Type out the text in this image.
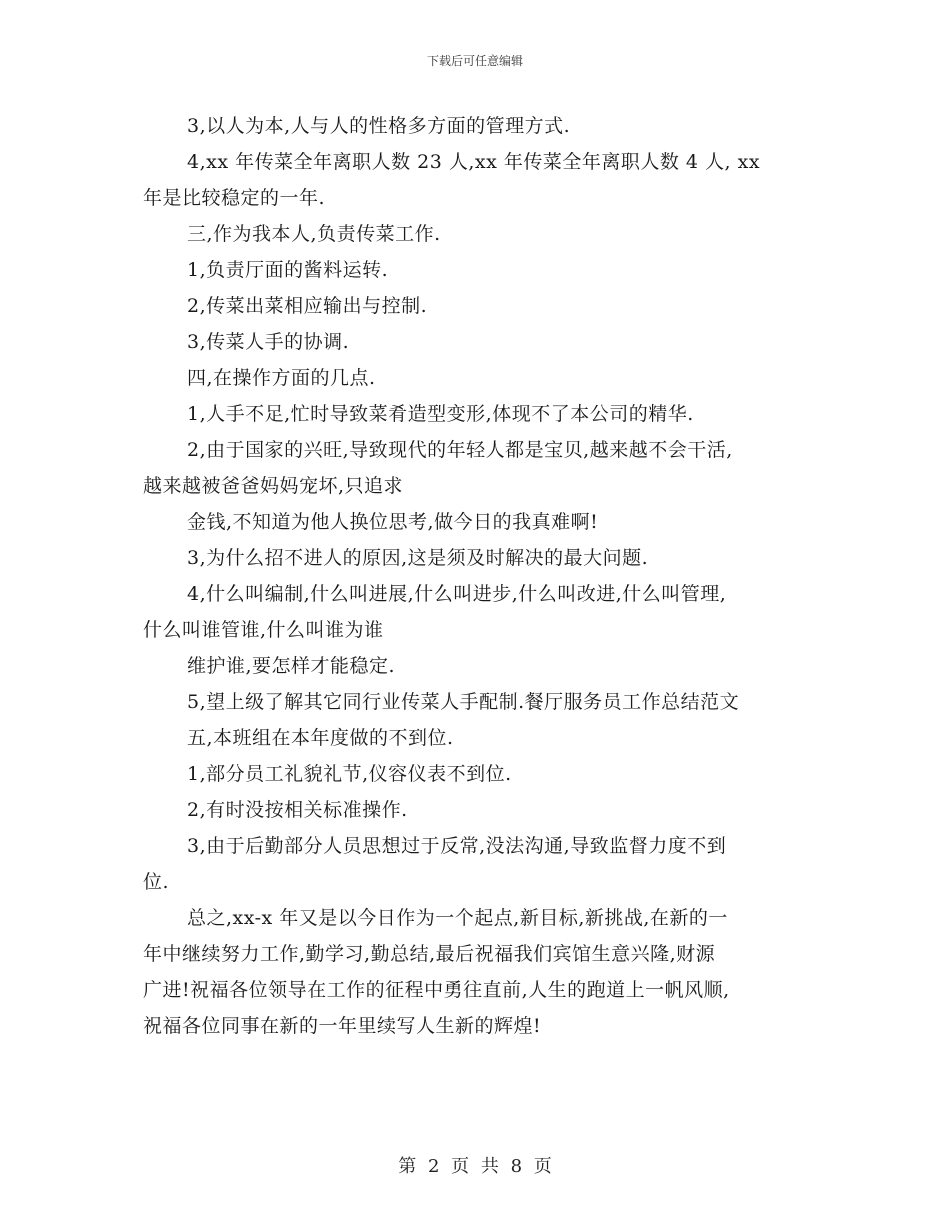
下载后可任意编辑
3,以人为本,人与人的性格多方面的管理方式.
4,xx 年传菜全年离职人数 23 人,xx 年传菜全年离职人数 4 人, xx
年是比较稳定的一年.
三,作为我本人,负责传菜工作.
1,负责厅面的酱料运转.
2,传菜出菜相应输出与控制.
3,传菜人手的协调.
四,在操作方面的几点.
1,人手不足,忙时导致菜肴造型变形,体现不了本公司的精华.
2,由于国家的兴旺,导致现代的年轻人都是宝贝,越来越不会干活,
越来越被爸爸妈妈宠坏,只追求
金钱,不知道为他人换位思考,做今日的我真难啊!
3,为什么招不进人的原因,这是须及时解决的最大问题.
4,什么叫编制,什么叫进展,什么叫进步,什么叫改进,什么叫管理,
什么叫谁管谁,什么叫谁为谁
维护谁,要怎样才能稳定.
5,望上级了解其它同行业传菜人手配制.餐厅服务员工作总结范文
五,本班组在本年度做的不到位.
1,部分员工礼貌礼节,仪容仪表不到位.
2,有时没按相关标准操作.
3,由于后勤部分人员思想过于反常,没法沟通,导致监督力度不到
位.
总之,xx-x 年又是以今日作为一个起点,新目标,新挑战,在新的一
年中继续努力工作,勤学习,勤总结,最后祝福我们宾馆生意兴隆,财源
广进!祝福各位领导在工作的征程中勇往直前,人生的跑道上一帆风顺,
祝福各位同事在新的一年里续写人生新的辉煌!
第 2 页 共 8 页
